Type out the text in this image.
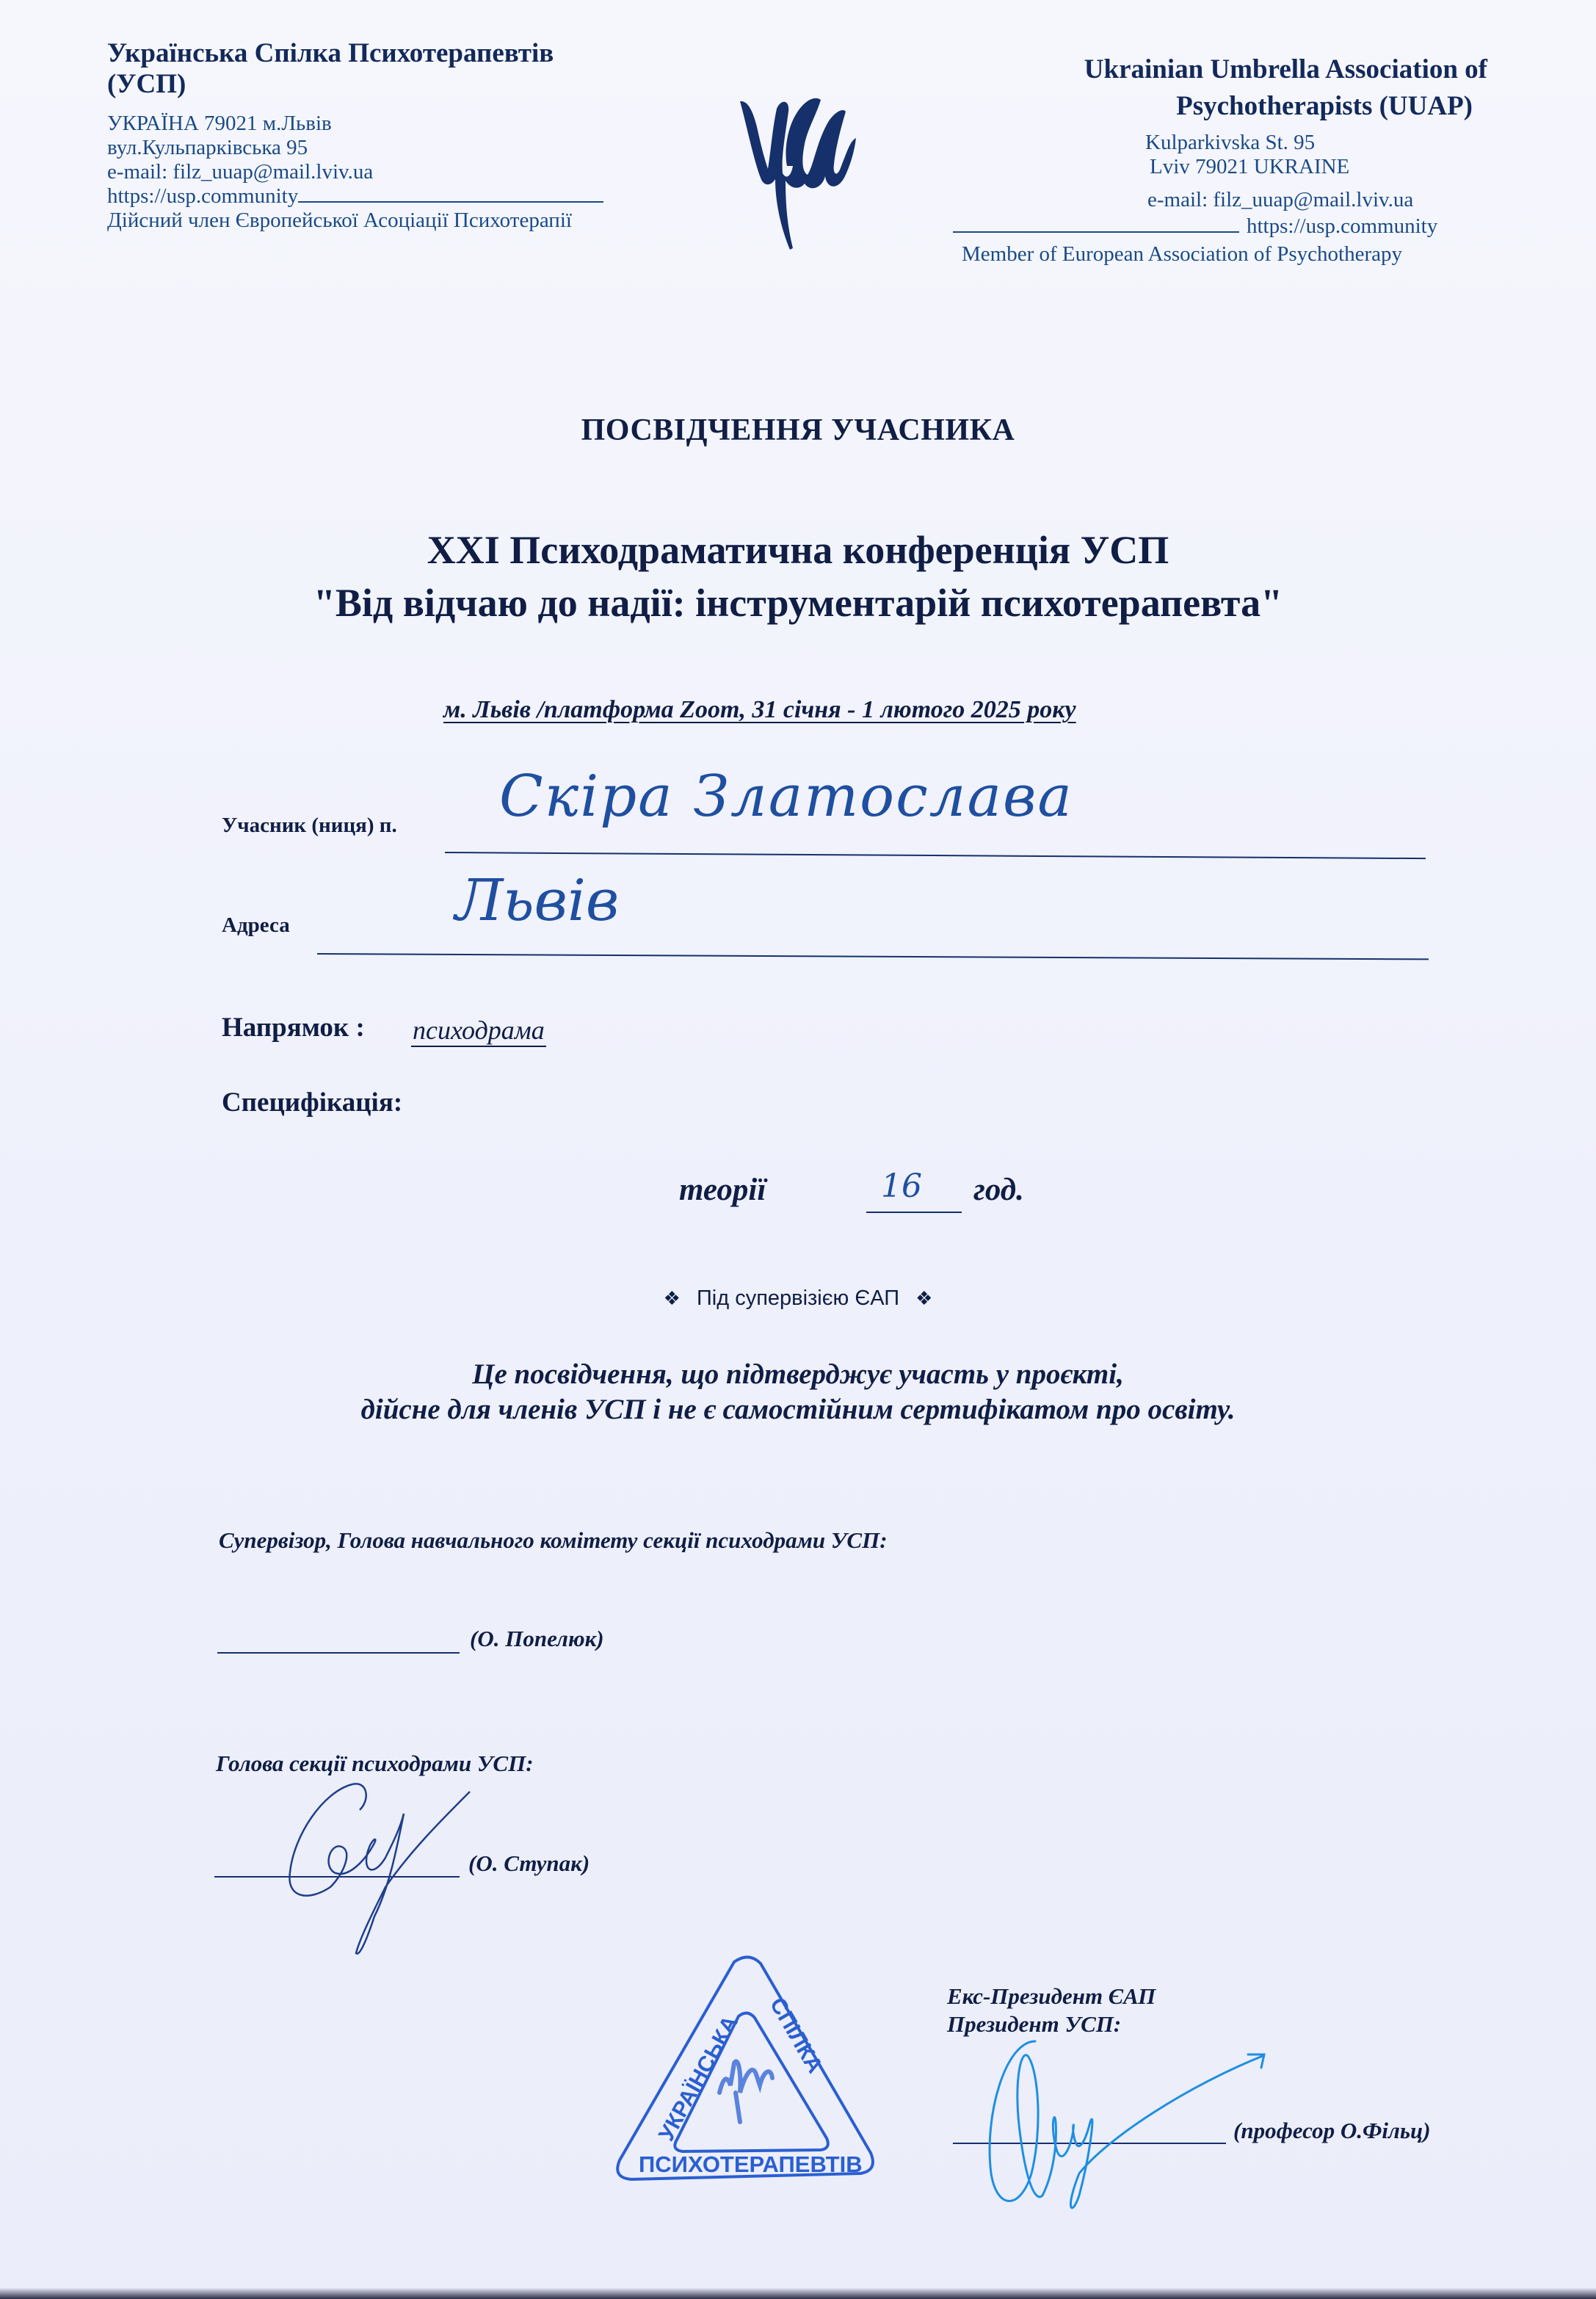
Українська Спілка Психотерапевтів
(УСП)
УКРАЇНА 79021 м.Львів
вул.Кульпарківська 95
e-mail: filz_uuap@mail.lviv.ua
https://usp.community
Дійсний член Європейської Асоціації Психотерапії
Ukrainian Umbrella Association of
Psychotherapists (UUAP)
Kulparkivska St. 95
Lviv 79021 UKRAINE
e-mail: filz_uuap@mail.lviv.ua
https://usp.community
Member of European Association of Psychotherapy
ПОСВІДЧЕННЯ УЧАСНИКА
XXI Психодраматична конференція УСП
"Від відчаю до надії: інструментарій психотерапевта"
м. Львів /платформа Zoom, 31 січня - 1 лютого 2025 року
Учасник (ниця) п. Скіра Златослава
Адреса	Львів
Напрямок : психодрама
Специфікація:
теорії	16 год.
❖ Під супервізією ЄАП ❖
Це посвідчення, що підтверджує участь у проєкті,
дійсне для членів УСП і не є самостійним сертифікатом про освіту.
Супервізор, Голова навчального комітету секції психодрами УСП:
(О. Попелюк)
Голова секції психодрами УСП:
(О. Ступак)
УКРАЇНСЬКА СПІЛКА
ПСИХОТЕРАПЕВТІВ
Екс-Президент ЄАП
Президент УСП:
(професор О.Фільц)
